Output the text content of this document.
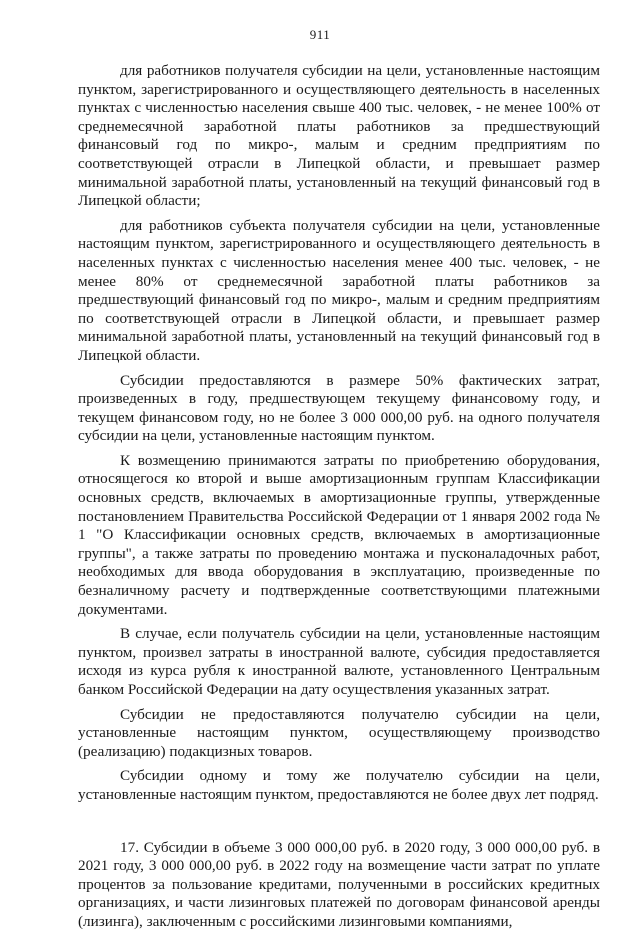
911

для работников получателя субсидии на цели, установленные настоящим пунктом, зарегистрированного и осуществляющего деятельность в населенных пунктах с численностью населения свыше 400 тыс. человек, - не менее 100% от среднемесячной заработной платы работников за предшествующий финансовый год по микро-, малым и средним предприятиям по соответствующей отрасли в Липецкой области, и превышает размер минимальной заработной платы, установленный на текущий финансовый год в Липецкой области;

для работников субъекта получателя субсидии на цели, установленные настоящим пунктом, зарегистрированного и осуществляющего деятельность в населенных пунктах с численностью населения менее 400 тыс. человек, - не менее 80% от среднемесячной заработной платы работников за предшествующий финансовый год по микро-, малым и средним предприятиям по соответствующей отрасли в Липецкой области, и превышает размер минимальной заработной платы, установленный на текущий финансовый год в Липецкой области.

Субсидии предоставляются в размере 50% фактических затрат, произведенных в году, предшествующем текущему финансовому году, и текущем финансовом году, но не более 3 000 000,00 руб. на одного получателя субсидии на цели, установленные настоящим пунктом.

К возмещению принимаются затраты по приобретению оборудования, относящегося ко второй и выше амортизационным группам Классификации основных средств, включаемых в амортизационные группы, утвержденные постановлением Правительства Российской Федерации от 1 января 2002 года № 1 "О Классификации основных средств, включаемых в амортизационные группы", а также затраты по проведению монтажа и пусконаладочных работ, необходимых для ввода оборудования в эксплуатацию, произведенные по безналичному расчету и подтвержденные соответствующими платежными документами.

В случае, если получатель субсидии на цели, установленные настоящим пунктом, произвел затраты в иностранной валюте, субсидия предоставляется исходя из курса рубля к иностранной валюте, установленного Центральным банком Российской Федерации на дату осуществления указанных затрат.

Субсидии не предоставляются получателю субсидии на цели, установленные настоящим пунктом, осуществляющему производство (реализацию) подакцизных товаров.

Субсидии одному и тому же получателю субсидии на цели, установленные настоящим пунктом, предоставляются не более двух лет подряд.

17. Субсидии в объеме 3 000 000,00 руб. в 2020 году, 3 000 000,00 руб. в 2021 году, 3 000 000,00 руб. в 2022 году на возмещение части затрат по уплате процентов за пользование кредитами, полученными в российских кредитных организациях, и части лизинговых платежей по договорам финансовой аренды (лизинга), заключенным с российскими лизинговыми компаниями,
